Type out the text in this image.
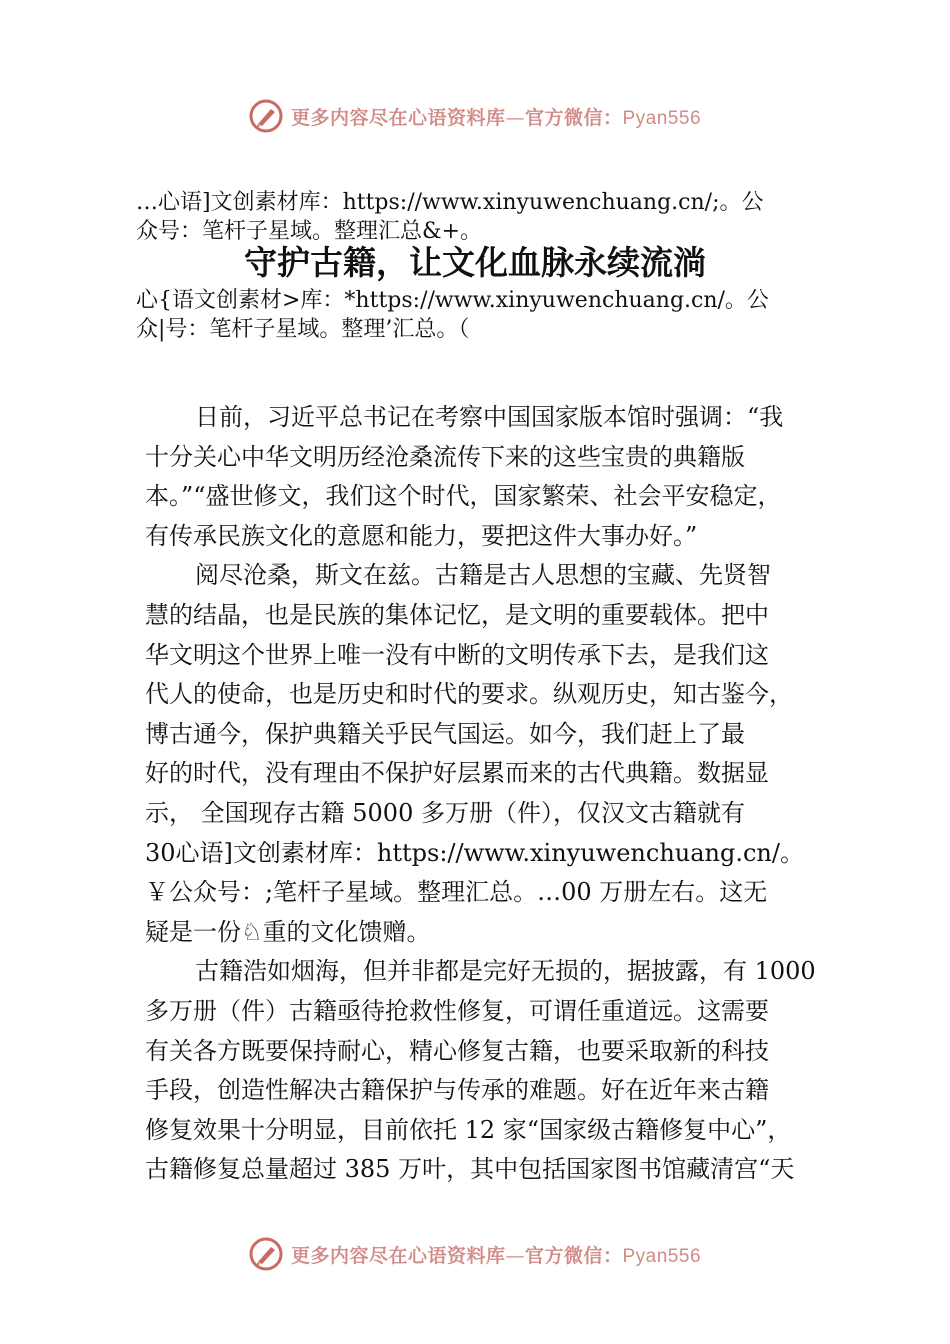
更多内容尽在心语资料库—官方微信：Pyan556

…心语]文创素材库：https://www.xinyuwenchuang.cn/;。公
众号：笔杆子星域。整理汇总&+。

守护古籍，让文化血脉永续流淌

心{语文创素材>库：*https://www.xinyuwenchuang.cn/。公
众|号：笔杆子星域。整理’汇总。（

日前，习近平总书记在考察中国国家版本馆时强调：“我
十分关心中华文明历经沧桑流传下来的这些宝贵的典籍版
本。”“盛世修文，我们这个时代，国家繁荣、社会平安稳定，
有传承民族文化的意愿和能力，要把这件大事办好。”

阅尽沧桑，斯文在兹。古籍是古人思想的宝藏、先贤智
慧的结晶，也是民族的集体记忆，是文明的重要载体。把中
华文明这个世界上唯一没有中断的文明传承下去，是我们这
代人的使命，也是历史和时代的要求。纵观历史，知古鉴今，
博古通今，保护典籍关乎民气国运。如今，我们赶上了最
好的时代，没有理由不保护好层累而来的古代典籍。数据显
示， 全国现存古籍 5000 多万册（件），仅汉文古籍就有
30心语]文创素材库：https://www.xinyuwenchuang.cn/。
￥公众号：;笔杆子星域。整理汇总。…00 万册左右。这无
疑是一份♘重的文化馈赠。

古籍浩如烟海，但并非都是完好无损的，据披露，有 1000
多万册（件）古籍亟待抢救性修复，可谓任重道远。这需要
有关各方既要保持耐心，精心修复古籍，也要采取新的科技
手段，创造性解决古籍保护与传承的难题。好在近年来古籍
修复效果十分明显，目前依托 12 家“国家级古籍修复中心”，
古籍修复总量超过 385 万叶，其中包括国家图书馆藏清宫“天

更多内容尽在心语资料库—官方微信：Pyan556
